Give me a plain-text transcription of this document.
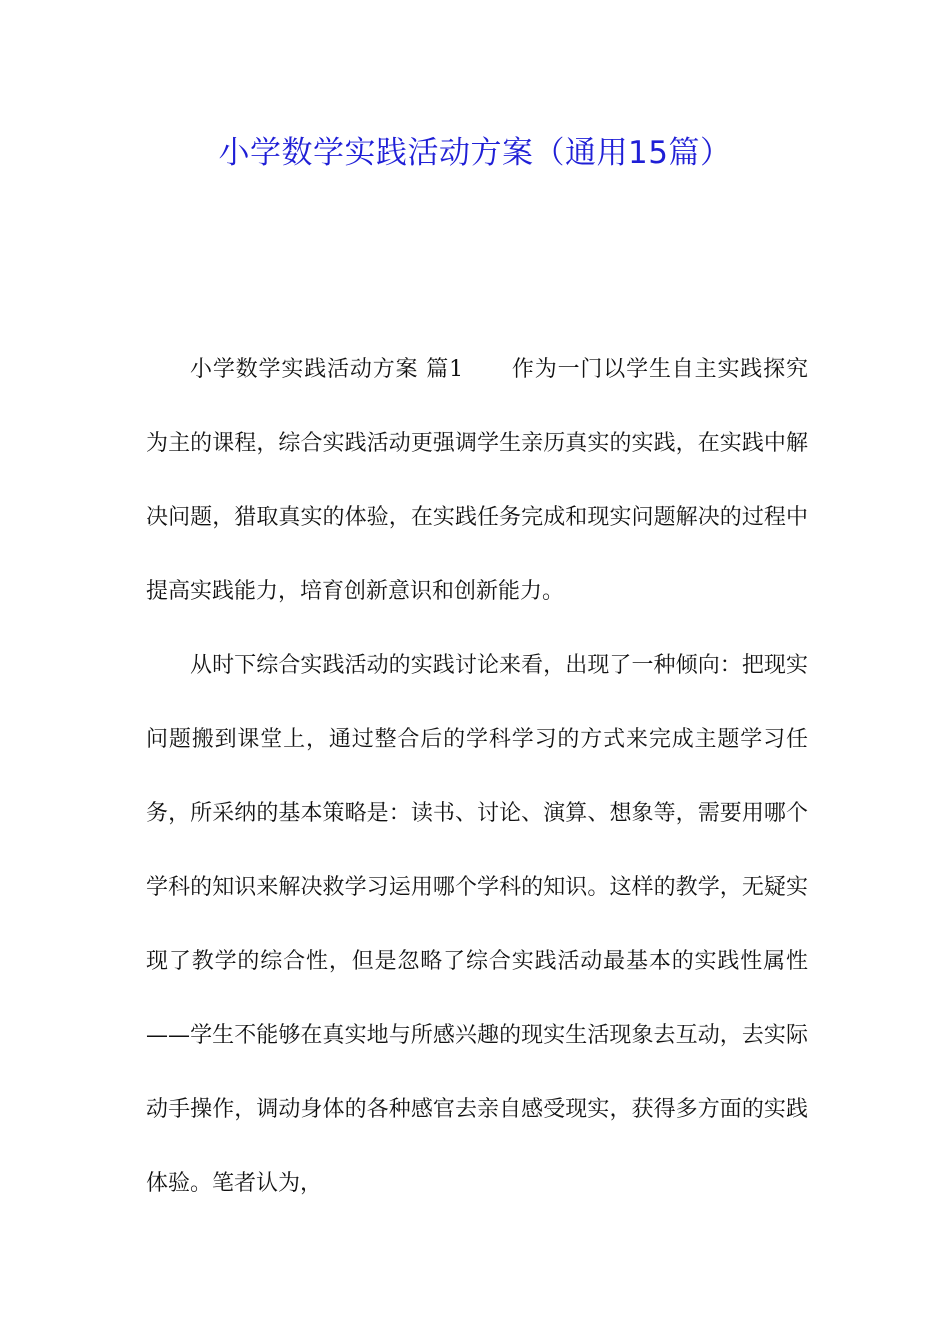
小学数学实践活动方案（通用15篇）

小学数学实践活动方案 篇1 作为一门以学生自主实践探究为主的课程，综合实践活动更强调学生亲历真实的实践，在实践中解决问题，猎取真实的体验，在实践任务完成和现实问题解决的过程中提高实践能力，培育创新意识和创新能力。

从时下综合实践活动的实践讨论来看，出现了一种倾向：把现实问题搬到课堂上，通过整合后的学科学习的方式来完成主题学习任务，所采纳的基本策略是：读书、讨论、演算、想象等，需要用哪个学科的知识来解决救学习运用哪个学科的知识。这样的教学，无疑实现了教学的综合性，但是忽略了综合实践活动最基本的实践性属性——学生不能够在真实地与所感兴趣的现实生活现象去互动，去实际动手操作，调动身体的各种感官去亲自感受现实，获得多方面的实践体验。笔者认为，
